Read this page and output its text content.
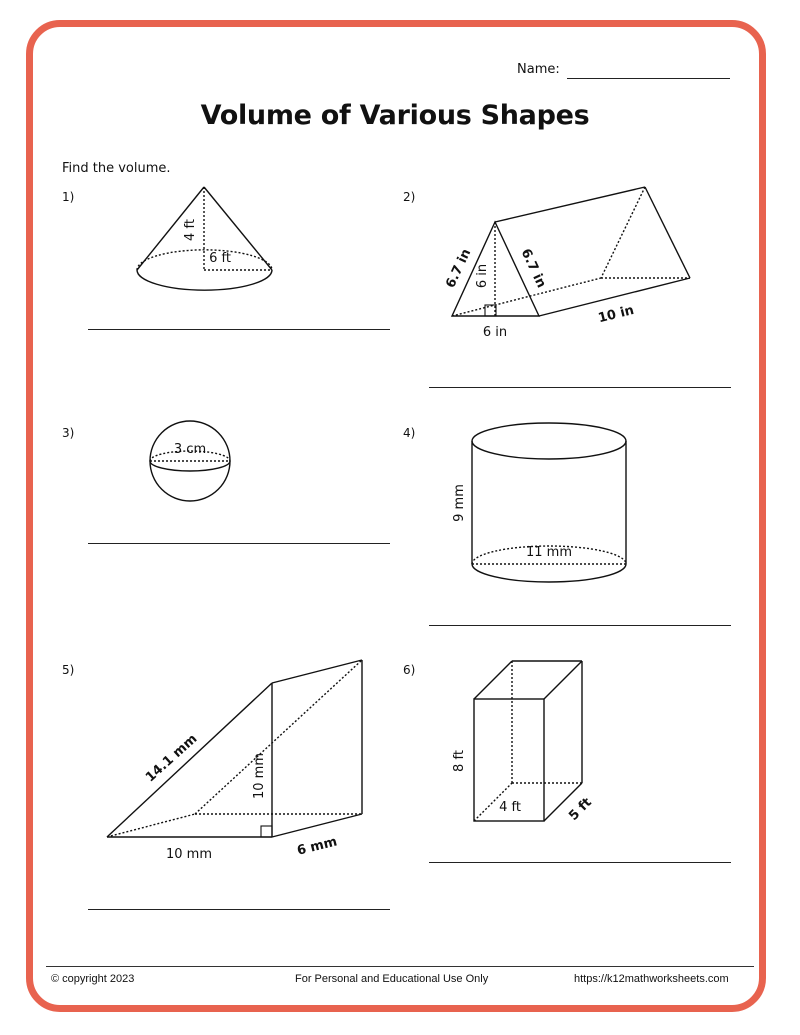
Name:
Volume of Various Shapes
Find the volume.
1)	2)
3)	4)
5)	6)
4 ft
6 ft	6.7 in 6 in 6.7 in
6 in
10 in
3 cm
9 mm
11 mm
14.1 mm	10 mm
10 mm	6 mm
8 ft
4 ft	5 ft
© copyright 2023	For Personal and Educational Use Only	https://k12mathworksheets.com
